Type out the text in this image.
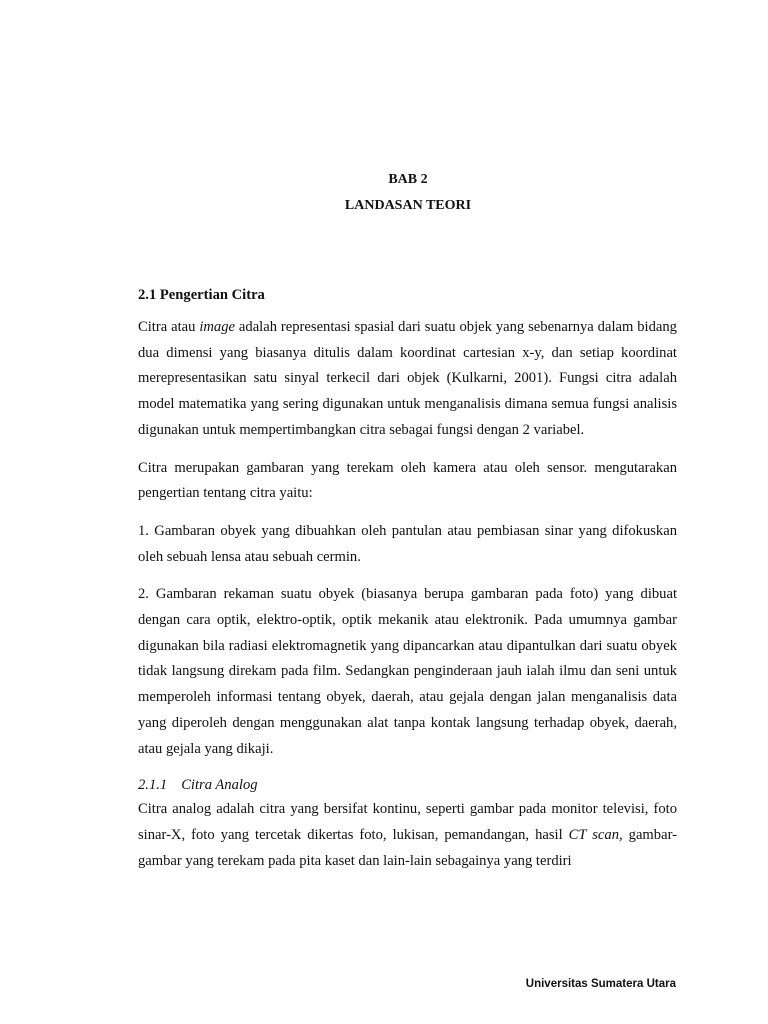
BAB 2
LANDASAN TEORI
2.1 Pengertian Citra

Citra atau image adalah representasi spasial dari suatu objek yang sebenarnya dalam bidang dua dimensi yang biasanya ditulis dalam koordinat cartesian x-y, dan setiap koordinat merepresentasikan satu sinyal terkecil dari objek (Kulkarni, 2001). Fungsi citra adalah model matematika yang sering digunakan untuk menganalisis dimana semua fungsi analisis digunakan untuk mempertimbangkan citra sebagai fungsi dengan 2 variabel.

Citra merupakan gambaran yang terekam oleh kamera atau oleh sensor. mengutarakan pengertian tentang citra yaitu:

1. Gambaran obyek yang dibuahkan oleh pantulan atau pembiasan sinar yang difokuskan oleh sebuah lensa atau sebuah cermin.

2. Gambaran rekaman suatu obyek (biasanya berupa gambaran pada foto) yang dibuat dengan cara optik, elektro-optik, optik mekanik atau elektronik. Pada umumnya gambar digunakan bila radiasi elektromagnetik yang dipancarkan atau dipantulkan dari suatu obyek tidak langsung direkam pada film. Sedangkan penginderaan jauh ialah ilmu dan seni untuk memperoleh informasi tentang obyek, daerah, atau gejala dengan jalan menganalisis data yang diperoleh dengan menggunakan alat tanpa kontak langsung terhadap obyek, daerah, atau gejala yang dikaji.

2.1.1 Citra Analog

Citra analog adalah citra yang bersifat kontinu, seperti gambar pada monitor televisi, foto sinar-X, foto yang tercetak dikertas foto, lukisan, pemandangan, hasil CT scan, gambar-gambar yang terekam pada pita kaset dan lain-lain sebagainya yang terdiri

Universitas Sumatera Utara
